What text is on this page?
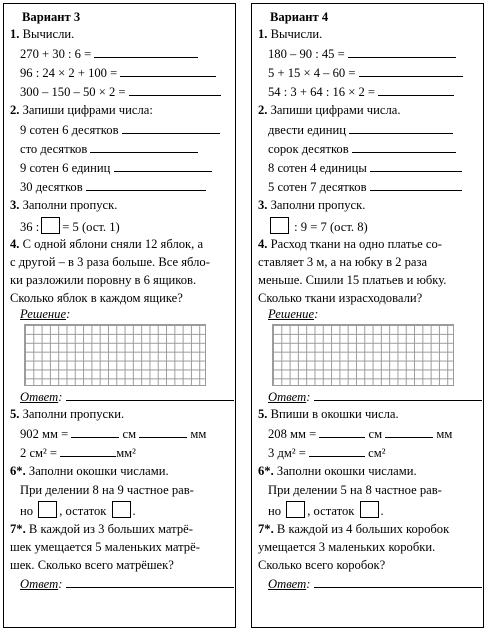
Вариант 3
1. Вычисли.
270 + 30 : 6 =
96 : 24 × 2 + 100 =
300 – 150 – 50 × 2 =
2. Запиши цифрами числа:
9 сотен 6 десятков
сто десятков
9 сотен 6 единиц
30 десятков
3. Заполни пропуск.
36 : = 5 (ост. 1)
4. С одной яблони сняли 12 яблок, а
с другой – в 3 раза больше. Все ябло-
ки разложили поровну в 6 ящиков.
Сколько яблок в каждом ящике?
Решение:
Ответ:
5. Заполни пропуски.
902 мм =	см	мм
2 см² =	мм²
6*. Заполни окошки числами.
При делении 8 на 9 частное рав-
но , остаток .
7*. В каждой из 3 больших матрё-
шек умещается 5 маленьких матрё-
шек. Сколько всего матрёшек?
Ответ:
Вариант 4
1. Вычисли.
180 – 90 : 45 =
5 + 15 × 4 – 60 =
54 : 3 + 64 : 16 × 2 =
2. Запиши цифрами числа.
двести единиц
сорок десятков
8 сотен 4 единицы
5 сотен 7 десятков
3. Заполни пропуск.
: 9 = 7 (ост. 8)
4. Расход ткани на одно платье со-
ставляет 3 м, а на юбку в 2 раза
меньше. Сшили 15 платьев и юбку.
Сколько ткани израсходовали?
Решение:
Ответ:
5. Впиши в окошки числа.
208 мм =	см	мм
3 дм² =	см²
6*. Заполни окошки числами.
При делении 5 на 8 частное рав-
но , остаток .
7*. В каждой из 4 больших коробок
умещается 3 маленьких коробки.
Сколько всего коробок?
Ответ:
